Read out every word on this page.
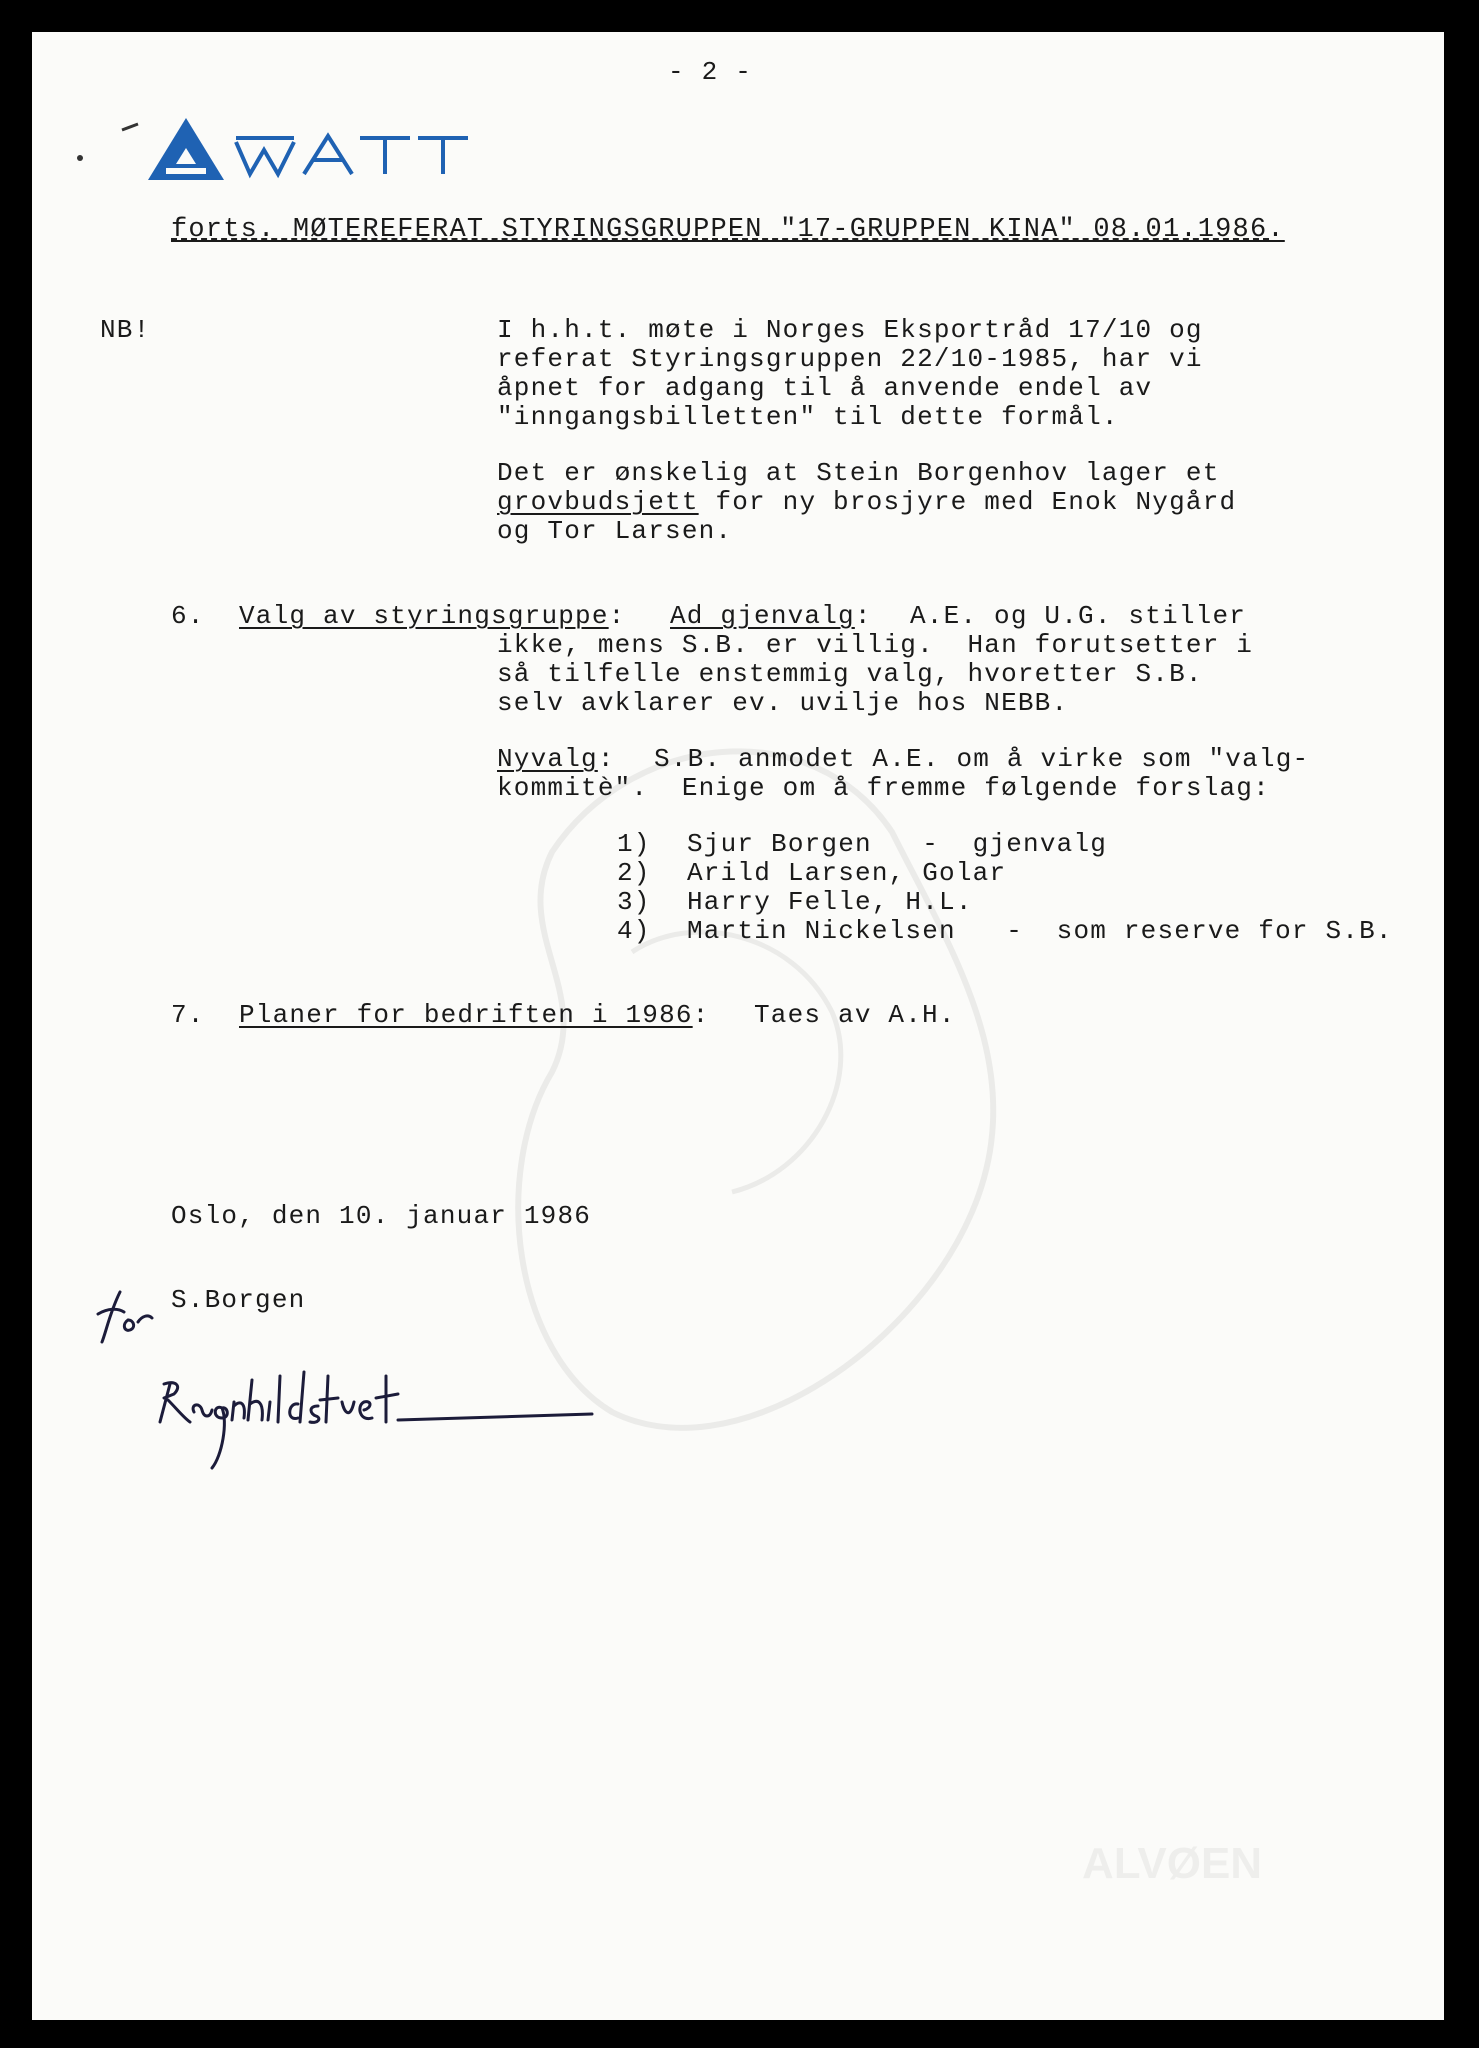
- 2 -
forts. MØTEREFERAT STYRINGSGRUPPEN "17-GRUPPEN KINA" 08.01.1986.
NB!	I h.h.t. møte i Norges Eksportråd 17/10 og
referat Styringsgruppen 22/10-1985, har vi
åpnet for adgang til å anvende endel av
"inngangsbilletten" til dette formål.
Det er ønskelig at Stein Borgenhov lager et
grovbudsjett for ny brosjyre med Enok Nygård
og Tor Larsen.
6. Valg av styringsgruppe: Ad gjenvalg: A.E. og U.G. stiller
ikke, mens S.B. er villig.  Han forutsetter i
så tilfelle enstemmig valg, hvoretter S.B.
selv avklarer ev. uvilje hos NEBB.
Nyvalg: S.B. anmodet A.E. om å virke som "valg-
kommitè".  Enige om å fremme følgende forslag:
1) Sjur Borgen   -  gjenvalg
2) Arild Larsen, Golar
3) Harry Felle, H.L.
4) Martin Nickelsen   -  som reserve for S.B.
7. Planer for bedriften i 1986: Taes av A.H.
Oslo, den 10. januar 1986
S.Borgen
ALVØEN
